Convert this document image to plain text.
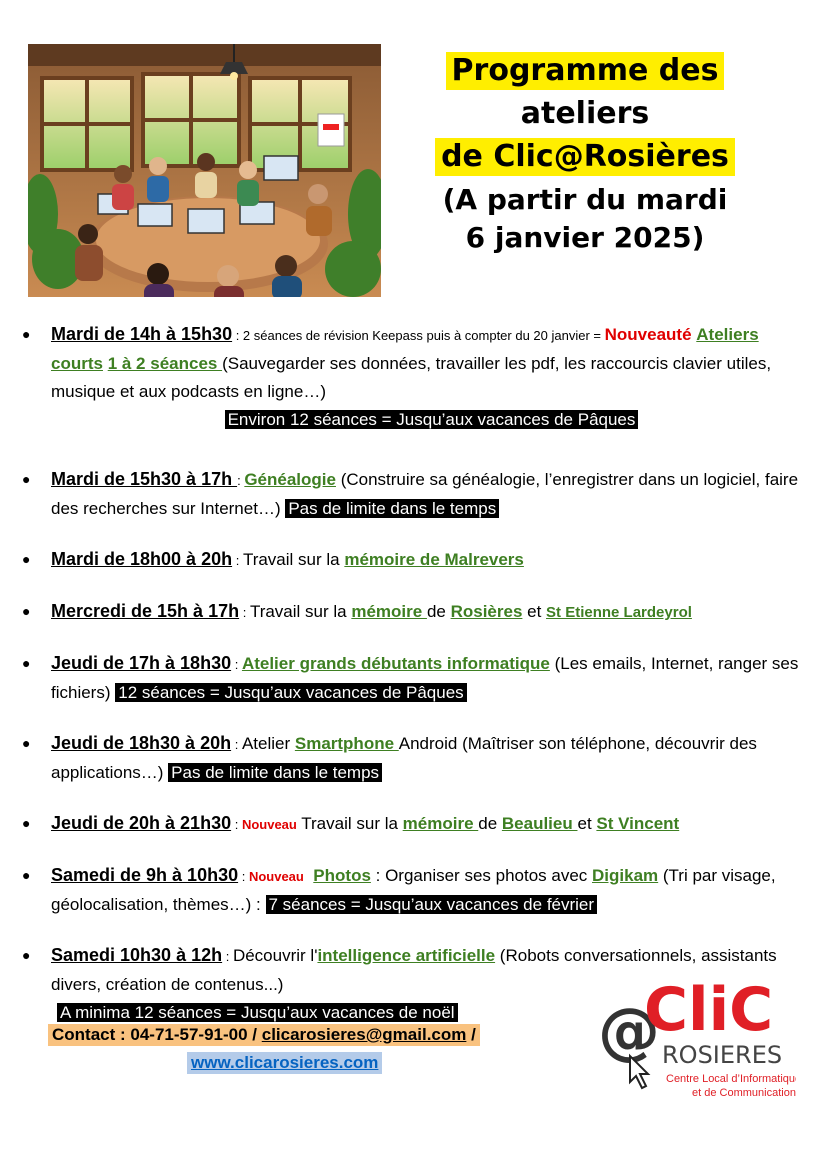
Programme des
ateliers
de Clic@Rosières
(A partir du mardi
6 janvier 2025)
● Mardi de 14h à 15h30 : 2 séances de révision Keepass puis à compter du 20 janvier = Nouveauté Ateliers courts 1 à 2 séances (Sauvegarder ses données, travailler les pdf, les raccourcis clavier utiles, musique et aux podcasts en ligne…)

Environ 12 séances = Jusqu’aux vacances de Pâques
● Mardi de 15h30 à 17h : Généalogie (Construire sa généalogie, l’enregistrer dans un logiciel, faire des recherches sur Internet…) Pas de limite dans le temps
● Mardi de 18h00 à 20h : Travail sur la mémoire de Malrevers
● Mercredi de 15h à 17h : Travail sur la mémoire de Rosières et St Etienne Lardeyrol
● Jeudi de 17h à 18h30 : Atelier grands débutants informatique (Les emails, Internet, ranger ses fichiers) 12 séances = Jusqu’aux vacances de Pâques
● Jeudi de 18h30 à 20h : Atelier Smartphone Android (Maîtriser son téléphone, découvrir des applications…) Pas de limite dans le temps
● Jeudi de 20h à 21h30 : Nouveau Travail sur la mémoire de Beaulieu et St Vincent
● Samedi de 9h à 10h30 : Nouveau Photos : Organiser ses photos avec Digikam (Tri par visage, géolocalisation, thèmes…) : 7 séances = Jusqu’aux vacances de février
● Samedi 10h30 à 12h : Découvrir l'intelligence artificielle (Robots conversationnels, assistants divers, création de contenus...)

A minima 12 séances = Jusqu’aux vacances de noël
Contact : 04-71-57-91-00 / clicarosieres@gmail.com /
www.clicarosieres.com	@
CliC
ROSIERES
Centre Local d’Informatique
et de Communication
